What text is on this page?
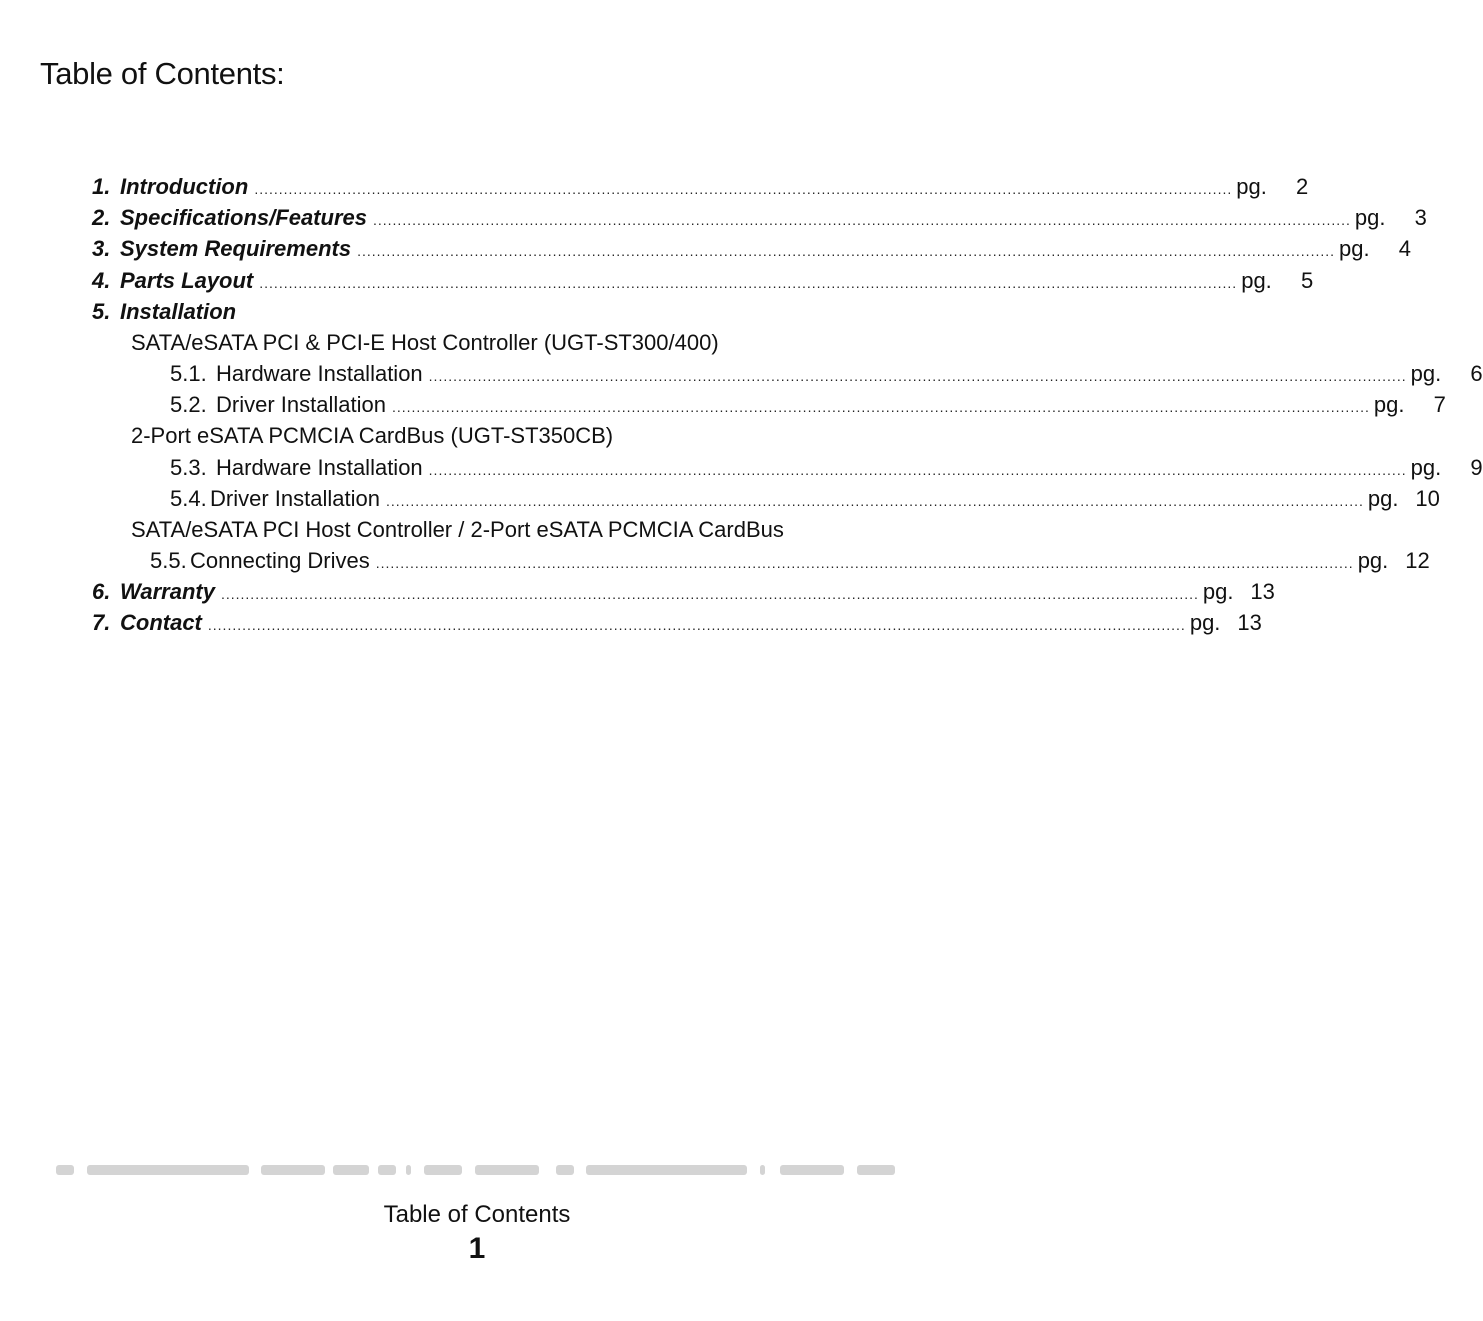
Table of Contents:
1. Introduction ........................................................................................................................................................................................................ pg.	2
2. Specifications/Features ........................................................................................................................................................................................................ pg.	3
3. System Requirements ........................................................................................................................................................................................................ pg.	4
4. Parts Layout ........................................................................................................................................................................................................ pg.	5
5. Installation
SATA/eSATA PCI & PCI-E Host Controller (UGT-ST300/400)
5.1. Hardware Installation ........................................................................................................................................................................................................ pg.	6
5.2. Driver Installation ........................................................................................................................................................................................................ pg.	7
2-Port eSATA PCMCIA CardBus (UGT-ST350CB)
5.3. Hardware Installation ........................................................................................................................................................................................................ pg.	9
5.4. Driver Installation ........................................................................................................................................................................................................ pg. 10
SATA/eSATA PCI Host Controller / 2-Port eSATA PCMCIA CardBus
5.5. Connecting Drives ........................................................................................................................................................................................................ pg. 12
6. Warranty ........................................................................................................................................................................................................ pg. 13
7. Contact ........................................................................................................................................................................................................ pg. 13
Table of Contents
1
